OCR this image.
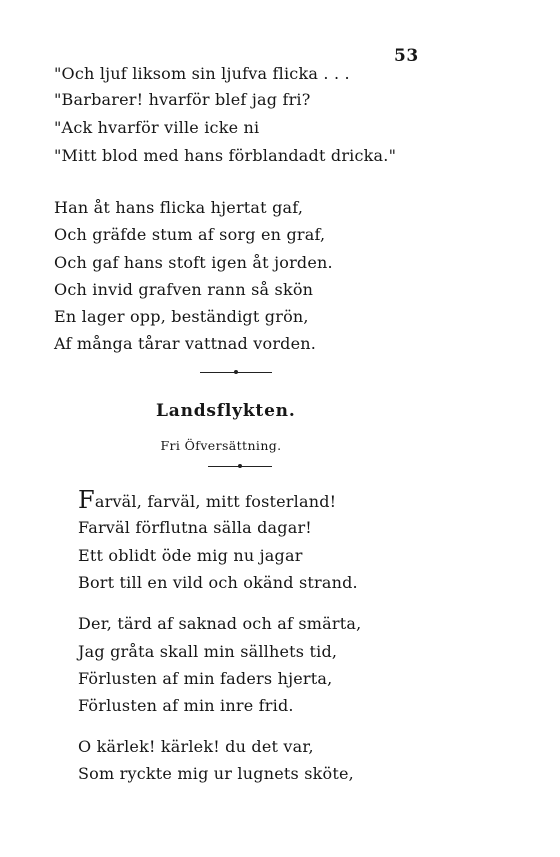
53
"Och ljuf liksom sin ljufva flicka . . .
"Barbarer! hvarför blef jag fri?
"Ack hvarför ville icke ni
"Mitt blod med hans förblandadt dricka."
Han åt hans flicka hjertat gaf,
Och gräfde stum af sorg en graf,
Och gaf hans stoft igen åt jorden.
Och invid grafven rann så skön
En lager opp, beständigt grön,
Af många tårar vattnad vorden.
Landsflykten.
Fri Öfversättning.
Farväl, farväl, mitt fosterland!
Farväl förflutna sälla dagar!
Ett oblidt öde mig nu jagar
Bort till en vild och okänd strand.
Der, tärd af saknad och af smärta,
Jag gråta skall min sällhets tid,
Förlusten af min faders hjerta,
Förlusten af min inre frid.
O kärlek! kärlek! du det var,
Som ryckte mig ur lugnets sköte,
